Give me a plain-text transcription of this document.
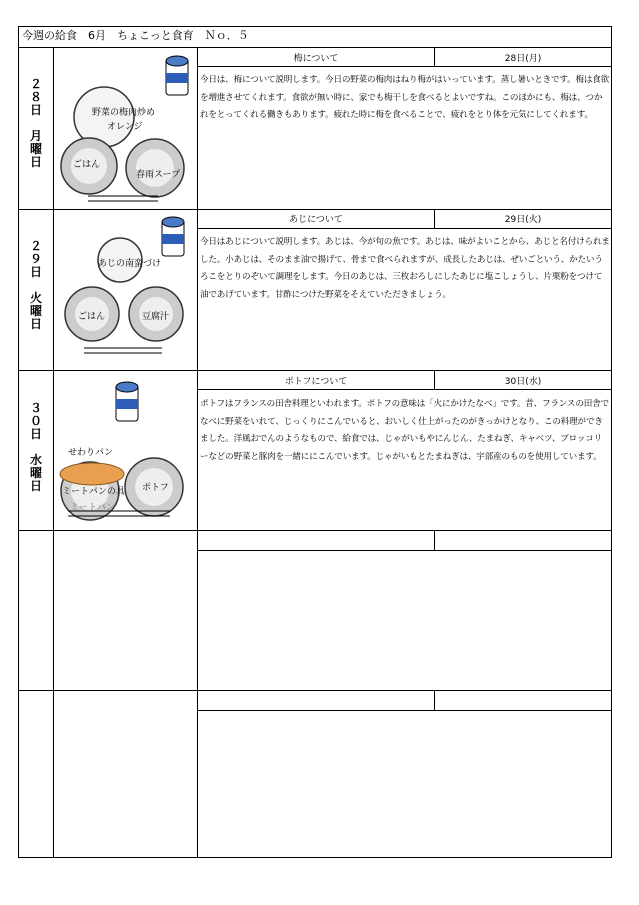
今週の給食　6月　ちょこっと食育　Ｎｏ．５
２
８
日

月
曜
日
梅について	28日(月)
今日は、梅について説明します。今日の野菜の梅肉はねり梅がはいっています。蒸し暑いときです。梅は食欲を増進させてくれます。食欲が無い時に、家でも梅干しを食べるとよいですね。このほかにも、梅は、つかれをとってくれる働きもあります。疲れた時に梅を食べることで、疲れをとり体を元気にしてくれます。
野菜の梅肉炒め
オレンジ
ごはん
春雨スープ
２
９
日

火
曜
日
あじについて	29日(火)
今日はあじについて説明します。あじは、今が旬の魚です。あじは、味がよいことから、あじと名付けられました。小あじは、そのまま油で揚げて、骨まで食べられますが、成長したあじは、ぜいごという、かたいうろこをとりのぞいて調理をします。今日のあじは、三枚おろしにしたあじに塩こしょうし、片栗粉をつけて油であげています。甘酢につけた野菜をそえていただきましょう。
あじの南蛮づけ
ごはん	豆腐汁
３
０
日

水
曜
日
ポトフについて	30日(水)
ポトフはフランスの田舎料理といわれます。ポトフの意味は「火にかけたなべ」です。昔、フランスの田舎でなべに野菜をいれて、じっくりにこんでいると、おいしく仕上がったのがきっかけとなり、この料理ができました。洋風おでんのようなもので、給食では、じゃがいもやにんじん、たまねぎ、キャベツ、ブロッコリーなどの野菜と豚肉を一緒ににこんでいます。じゃがいもとたまねぎは、宇部産のものを使用しています。
せわりパン
ミートパンの具 ポトフ
ミートパン
